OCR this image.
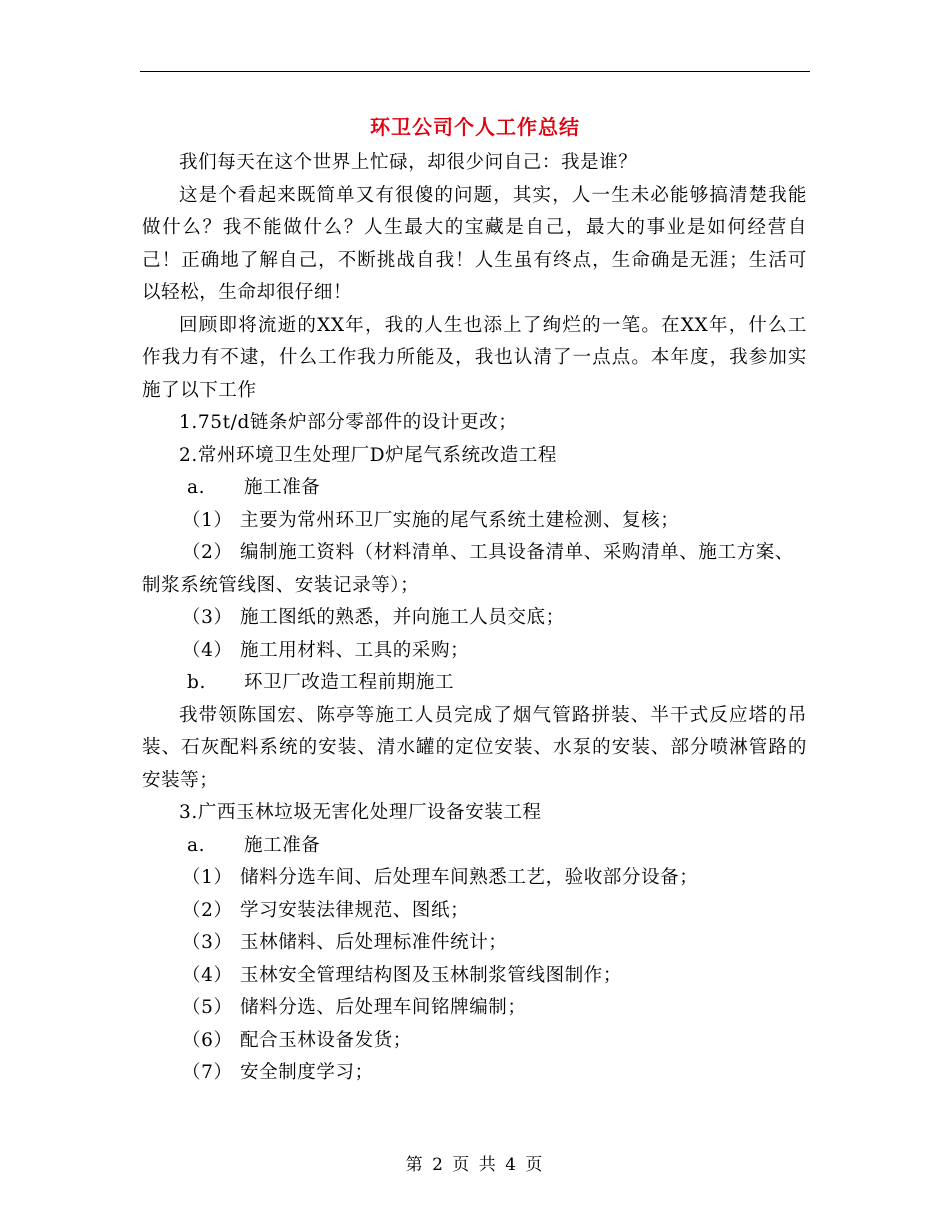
环卫公司个人工作总结

我们每天在这个世界上忙碌，却很少问自己：我是谁？

这是个看起来既简单又有很傻的问题，其实，人一生未必能够搞清楚我能做什么？我不能做什么？人生最大的宝藏是自己，最大的事业是如何经营自己！正确地了解自己，不断挑战自我！人生虽有终点，生命确是无涯；生活可以轻松，生命却很仔细！

回顾即将流逝的XX年，我的人生也添上了绚烂的一笔。在XX年，什么工作我力有不逮，什么工作我力所能及，我也认清了一点点。本年度，我参加实施了以下工作

1.75t/d链条炉部分零部件的设计更改；

2.常州环境卫生处理厂D炉尾气系统改造工程

a. 施工准备

（1） 主要为常州环卫厂实施的尾气系统土建检测、复核；

（2） 编制施工资料（材料清单、工具设备清单、采购清单、施工方案、制浆系统管线图、安装记录等）；

（3） 施工图纸的熟悉，并向施工人员交底；

（4） 施工用材料、工具的采购；

b. 环卫厂改造工程前期施工

我带领陈国宏、陈亭等施工人员完成了烟气管路拼装、半干式反应塔的吊装、石灰配料系统的安装、清水罐的定位安装、水泵的安装、部分喷淋管路的安装等；

3.广西玉林垃圾无害化处理厂设备安装工程

a. 施工准备

（1） 储料分选车间、后处理车间熟悉工艺，验收部分设备；

（2） 学习安装法律规范、图纸；

（3） 玉林储料、后处理标准件统计；

（4） 玉林安全管理结构图及玉林制浆管线图制作；

（5） 储料分选、后处理车间铭牌编制；

（6） 配合玉林设备发货；

（7） 安全制度学习；

第 2 页 共 4 页
